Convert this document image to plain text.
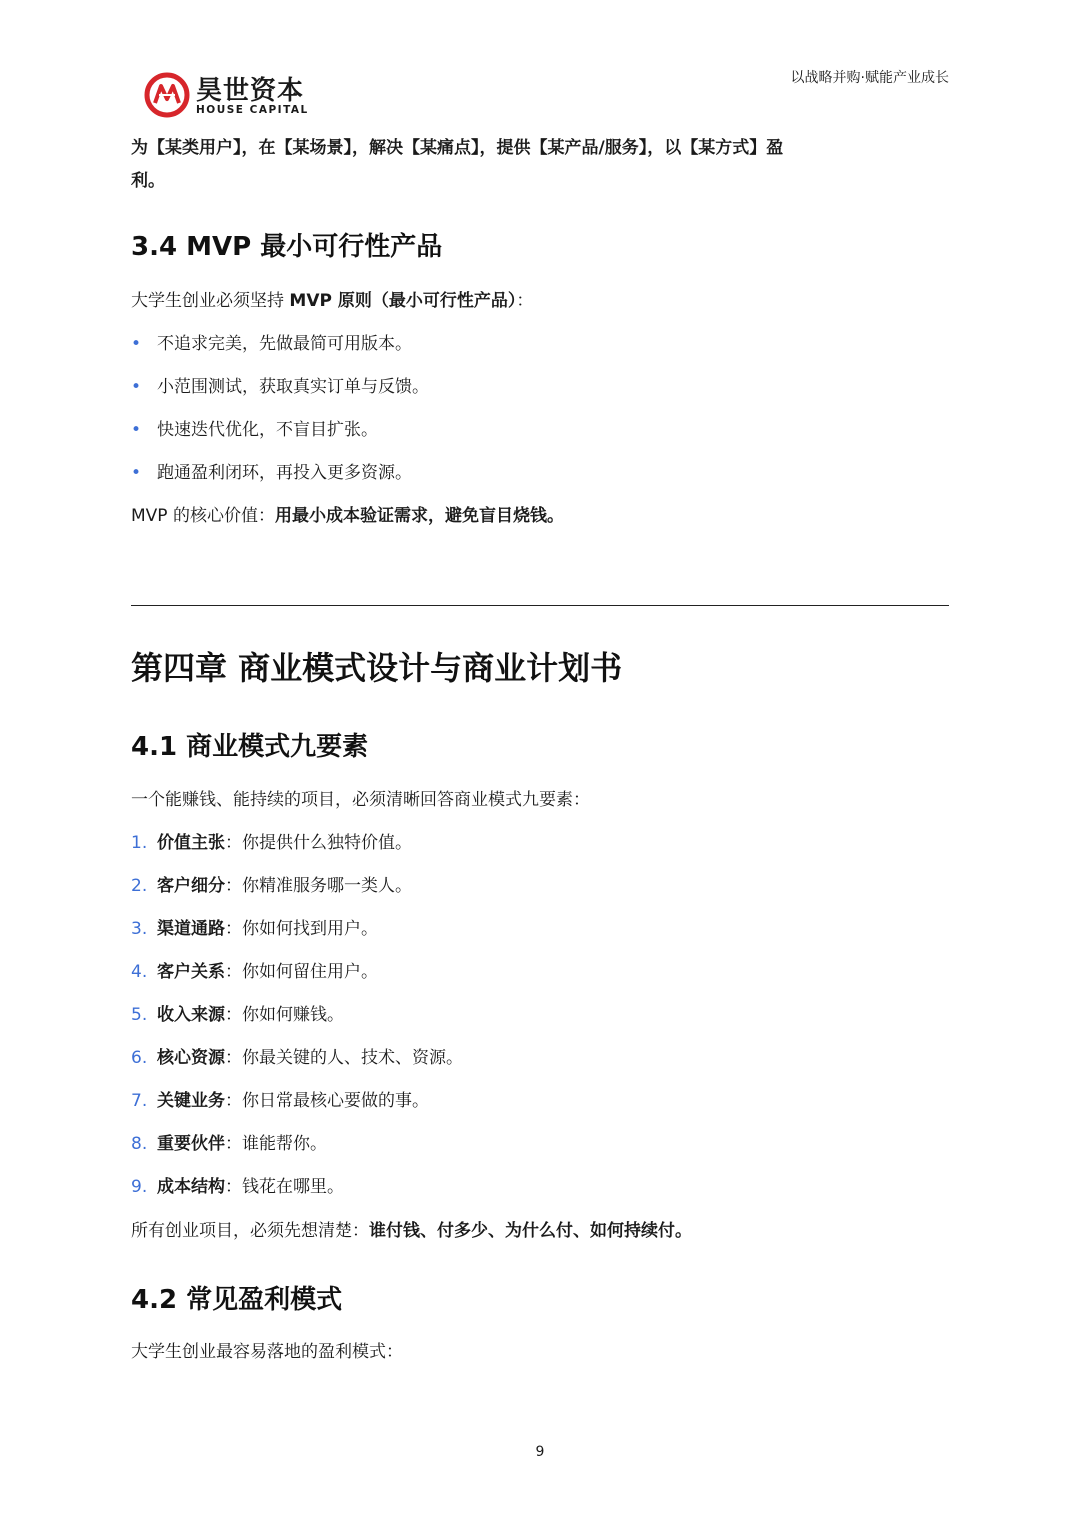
昊世资本
HOUSE CAPITAL
以战略并购·赋能产业成长
为【某类用户】，在【某场景】，解决【某痛点】，提供【某产品/服务】，以【某方式】盈
利。
3.4 MVP 最小可行性产品
大学生创业必须坚持 MVP 原则（最小可行性产品）：
• 不追求完美，先做最简可用版本。
• 小范围测试，获取真实订单与反馈。
• 快速迭代优化，不盲目扩张。
• 跑通盈利闭环，再投入更多资源。
MVP 的核心价值：用最小成本验证需求，避免盲目烧钱。
第四章 商业模式设计与商业计划书
4.1 商业模式九要素
一个能赚钱、能持续的项目，必须清晰回答商业模式九要素：
1. 价值主张：你提供什么独特价值。
2. 客户细分：你精准服务哪一类人。
3. 渠道通路：你如何找到用户。
4. 客户关系：你如何留住用户。
5. 收入来源：你如何赚钱。
6. 核心资源：你最关键的人、技术、资源。
7. 关键业务：你日常最核心要做的事。
8. 重要伙伴：谁能帮你。
9. 成本结构：钱花在哪里。
所有创业项目，必须先想清楚：谁付钱、付多少、为什么付、如何持续付。
4.2 常见盈利模式
大学生创业最容易落地的盈利模式：
9
